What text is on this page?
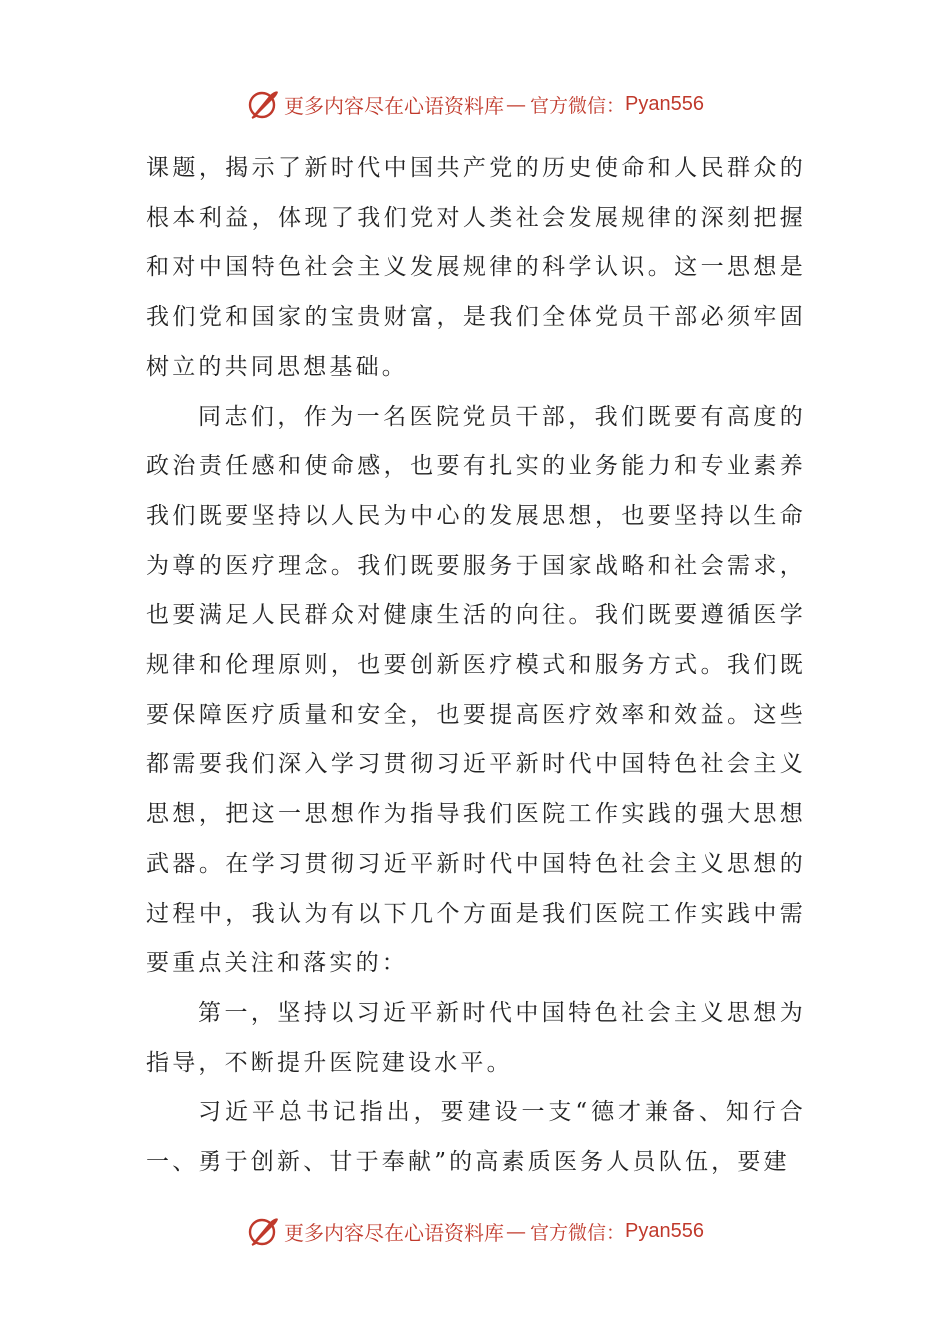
更多内容尽在心语资料库 — 官方微信： Pyan556

课题，揭示了新时代中国共产党的历史使命和人民群众的根本利益，体现了我们党对人类社会发展规律的深刻把握和对中国特色社会主义发展规律的科学认识。这一思想是我们党和国家的宝贵财富，是我们全体党员干部必须牢固树立的共同思想基础。

同志们，作为一名医院党员干部，我们既要有高度的政治责任感和使命感，也要有扎实的业务能力和专业素养我们既要坚持以人民为中心的发展思想，也要坚持以生命为尊的医疗理念。我们既要服务于国家战略和社会需求，也要满足人民群众对健康生活的向往。我们既要遵循医学规律和伦理原则，也要创新医疗模式和服务方式。我们既要保障医疗质量和安全，也要提高医疗效率和效益。这些都需要我们深入学习贯彻习近平新时代中国特色社会主义思想，把这一思想作为指导我们医院工作实践的强大思想武器。在学习贯彻习近平新时代中国特色社会主义思想的过程中，我认为有以下几个方面是我们医院工作实践中需要重点关注和落实的：

第一，坚持以习近平新时代中国特色社会主义思想为指导，不断提升医院建设水平。

习近平总书记指出，要建设一支“德才兼备、知行合一、勇于创新、甘于奉献”的高素质医务人员队伍，要建

更多内容尽在心语资料库 — 官方微信： Pyan556
